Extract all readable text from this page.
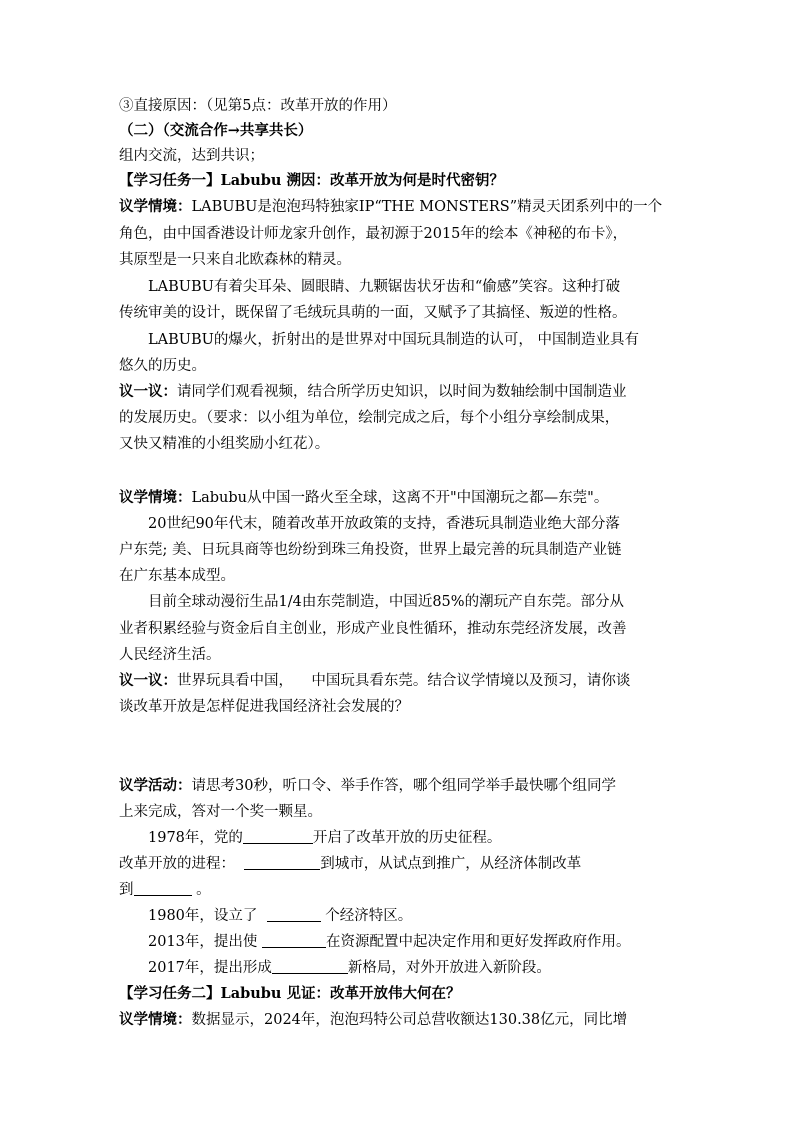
③直接原因：（见第5点：改革开放的作用）
（二）（交流合作→共享共长）
组内交流，达到共识；
【学习任务一】Labubu 溯因：改革开放为何是时代密钥？
议学情境：LABUBU是泡泡玛特独家IP“THE MONSTERS”精灵天团系列中的一个
角色，由中国香港设计师龙家升创作，最初源于2015年的绘本《神秘的布卡》，
其原型是一只来自北欧森林的精灵。
LABUBU有着尖耳朵、圆眼睛、九颗锯齿状牙齿和“偷感”笑容。这种打破
传统审美的设计，既保留了毛绒玩具萌的一面，又赋予了其搞怪、叛逆的性格。
LABUBU的爆火，折射出的是世界对中国玩具制造的认可， 中国制造业具有
悠久的历史。
议一议：请同学们观看视频，结合所学历史知识，以时间为数轴绘制中国制造业
的发展历史。（要求：以小组为单位，绘制完成之后，每个小组分享绘制成果，
又快又精准的小组奖励小红花）。
议学情境：Labubu从中国一路火至全球，这离不开"中国潮玩之都—东莞"。
20世纪90年代末，随着改革开放政策的支持，香港玩具制造业绝大部分落
户东莞; 美、日玩具商等也纷纷到珠三角投资，世界上最完善的玩具制造产业链
在广东基本成型。
目前全球动漫衍生品1/4由东莞制造，中国近85%的潮玩产自东莞。部分从
业者积累经验与资金后自主创业，形成产业良性循环，推动东莞经济发展，改善
人民经济生活。
议一议：世界玩具看中国，    中国玩具看东莞。结合议学情境以及预习，请你谈
谈改革开放是怎样促进我国经济社会发展的？
议学活动：请思考30秒，听口令、举手作答，哪个组同学举手最快哪个组同学
上来完成，答对一个奖一颗星。
1978年，党的	开启了改革开放的历史征程。
改革开放的进程：	到城市，从试点到推广，从经济体制改革
到	。
1980年，设立了	个经济特区。
2013年，提出使	在资源配置中起决定作用和更好发挥政府作用。
2017年，提出形成	新格局，对外开放进入新阶段。
【学习任务二】Labubu 见证：改革开放伟大何在？
议学情境：数据显示，2024年，泡泡玛特公司总营收额达130.38亿元，同比增
